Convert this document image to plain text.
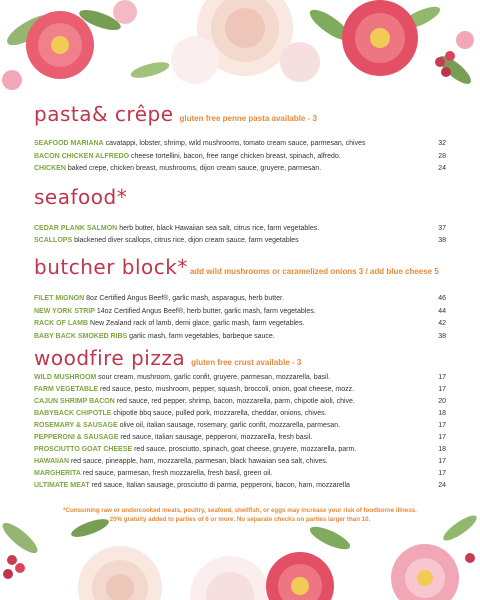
pasta& crêpe gluten free penne pasta available - 3
SEAFOOD MARIANA cavatappi, lobster, shrimp, wild mushrooms, tomato cream sauce, parmesan, chives	32
BACON CHICKEN ALFREDO cheese tortellini, bacon, free range chicken breast, spinach, alfredo.	28
CHICKEN baked crepe, chicken breast, mushrooms, dijon cream sauce, gruyere, parmesan.	24
seafood*
CEDAR PLANK SALMON herb butter, black Hawaiian sea salt, citrus rice, farm vegetables.	37
SCALLOPS blackened diver scallops, citrus rice, dijon cream sauce, farm vegetables	38
butcher block* add wild mushrooms or caramelized onions 3 / add blue cheese 5
FILET MIGNON 8oz Certified Angus Beef®, garlic mash, asparagus, herb butter.	46
NEW YORK STRIP 14oz Certified Angus Beef®, herb butter, garlic mash, farm vegetables.	44
RACK OF LAMB New Zealand rack of lamb, demi glace, garlic mash, farm vegetables.	42
BABY BACK SMOKED RIBS garlic mash, farm vegetables, barbeque sauce.	38
woodfire pizza gluten free crust available - 3
WILD MUSHROOM sour cream, mushroom, garlic confit, gruyere, parmesan, mozzarella, basil.	17
FARM VEGETABLE red sauce, pesto, mushroom, pepper, squash, broccoli, onion, goat cheese, mozz.	17
CAJUN SHRIMP BACON red sauce, red pepper, shrimp, bacon, mozzarella, parm, chipotle aioli, chive.	20
BABYBACK CHIPOTLE chipotle bbq sauce, pulled pork, mozzarella, cheddar, onions, chives.	18
ROSEMARY & SAUSAGE olive oil, italian sausage, rosemary, garlic confit, mozzarella, parmesan.	17
PEPPERONI & SAUSAGE red sauce, italian sausage, pepperoni, mozzarella, fresh basil.	17
PROSCIUTTO GOAT CHEESE red sauce, prosciutto, spinach, goat cheese, gruyere, mozzarella, parm.	18
HAWAIIAN red sauce, pineapple, ham, mozzarella, parmesan, black hawaiian sea salt, chives.	17
MARGHERITA red sauce, parmesan, fresh mozzarella, fresh basil, green oil.	17
ULTIMATE MEAT red sauce, Italian sausage, prosciutto di parma, pepperoni, bacon, ham, mozzarella	24
*Consuming raw or undercooked meats, poultry, seafood, shellfish, or eggs may increase your risk of foodborne illness.
20% gratuity added to parties of 6 or more. No separate checks on parties larger than 10.
